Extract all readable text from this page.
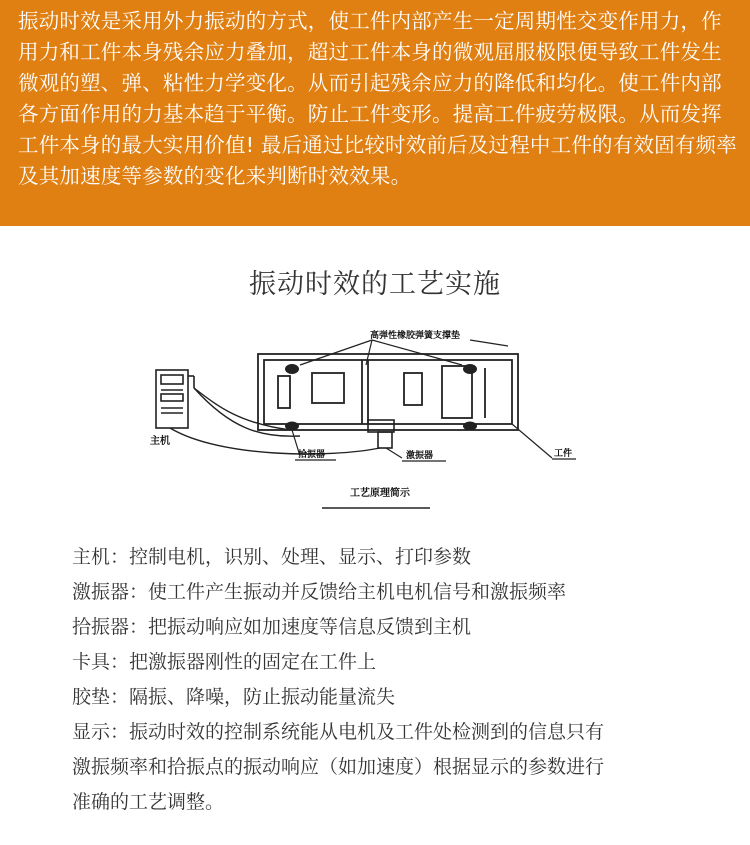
振动时效是采用外力振动的方式，使工件内部产生一定周期性交变作用力，作用力和工件本身残余应力叠加，超过工件本身的微观屈服极限便导致工件发生微观的塑、弹、粘性力学变化。从而引起残余应力的降低和均化。使工件内部各方面作用的力基本趋于平衡。防止工件变形。提高工件疲劳极限。从而发挥工件本身的最大实用价值! 最后通过比较时效前后及过程中工件的有效固有频率及其加速度等参数的变化来判断时效效果。

振动时效的工艺实施
主机
高弹性橡胶弹簧支撑垫
拾振器	激振器	工件
工艺原理简示
主机：控制电机，识别、处理、显示、打印参数
激振器：使工件产生振动并反馈给主机电机信号和激振频率
拾振器：把振动响应如加速度等信息反馈到主机
卡具：把激振器刚性的固定在工件上
胶垫：隔振、降噪，防止振动能量流失
显示：振动时效的控制系统能从电机及工件处检测到的信息只有
激振频率和拾振点的振动响应（如加速度）根据显示的参数进行
准确的工艺调整。
